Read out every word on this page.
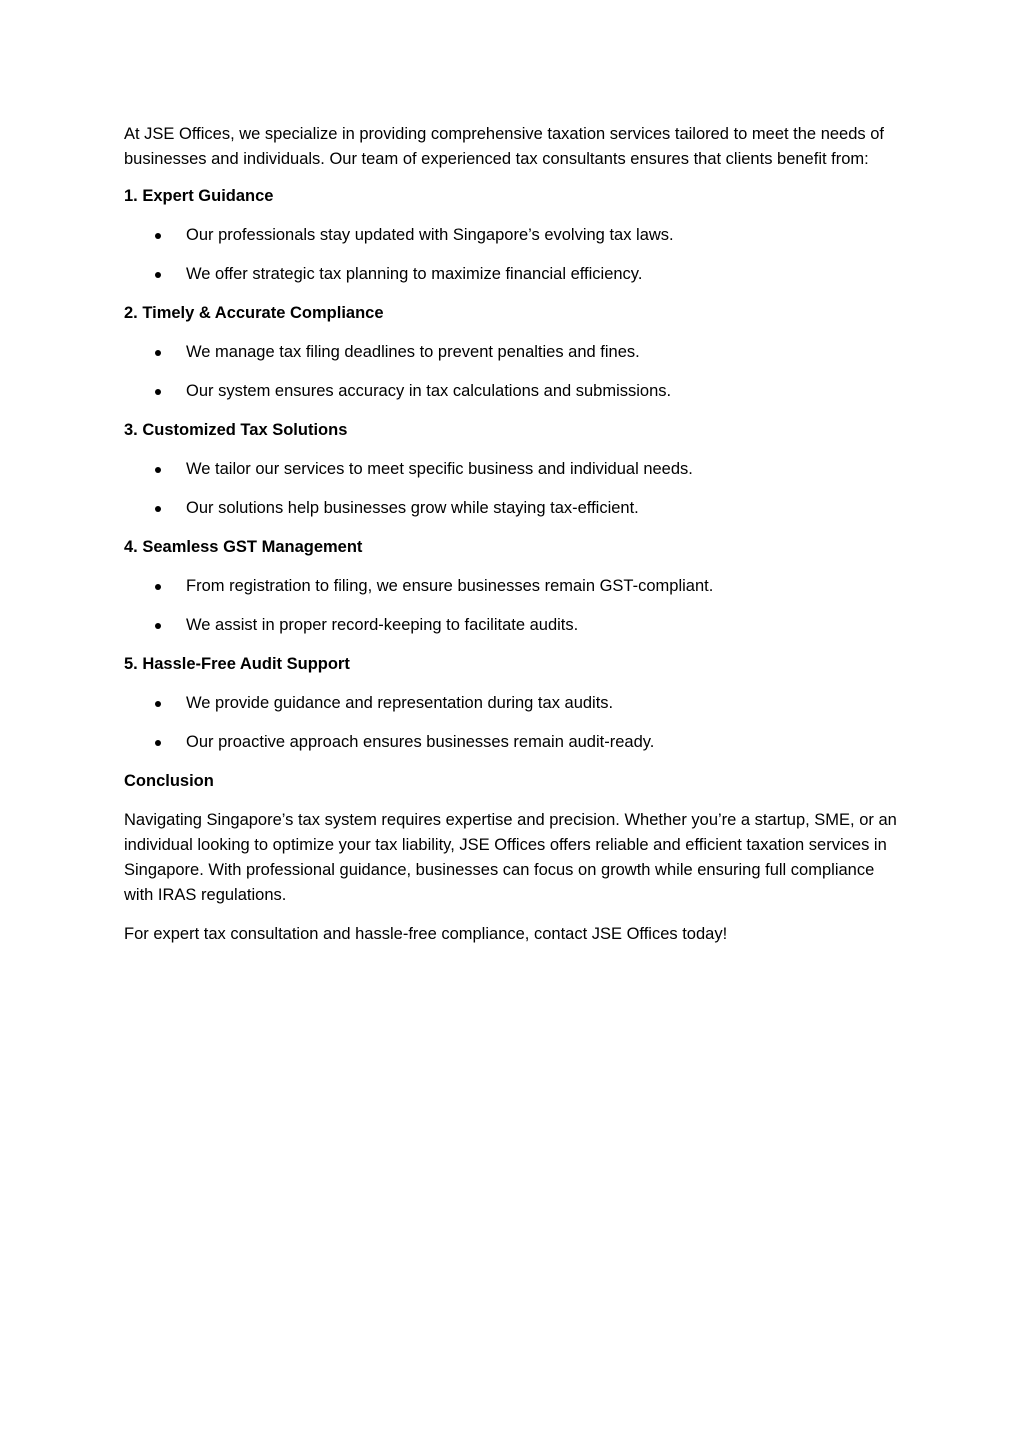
At JSE Offices, we specialize in providing comprehensive taxation services tailored to meet the needs of businesses and individuals. Our team of experienced tax consultants ensures that clients benefit from:

1. Expert Guidance

Our professionals stay updated with Singapore’s evolving tax laws.
We offer strategic tax planning to maximize financial efficiency.

2. Timely & Accurate Compliance

We manage tax filing deadlines to prevent penalties and fines.
Our system ensures accuracy in tax calculations and submissions.

3. Customized Tax Solutions

We tailor our services to meet specific business and individual needs.
Our solutions help businesses grow while staying tax-efficient.

4. Seamless GST Management

From registration to filing, we ensure businesses remain GST-compliant.
We assist in proper record-keeping to facilitate audits.

5. Hassle-Free Audit Support

We provide guidance and representation during tax audits.
Our proactive approach ensures businesses remain audit-ready.

Conclusion

Navigating Singapore’s tax system requires expertise and precision. Whether you’re a startup, SME, or an individual looking to optimize your tax liability, JSE Offices offers reliable and efficient taxation services in Singapore. With professional guidance, businesses can focus on growth while ensuring full compliance with IRAS regulations.

For expert tax consultation and hassle-free compliance, contact JSE Offices today!
